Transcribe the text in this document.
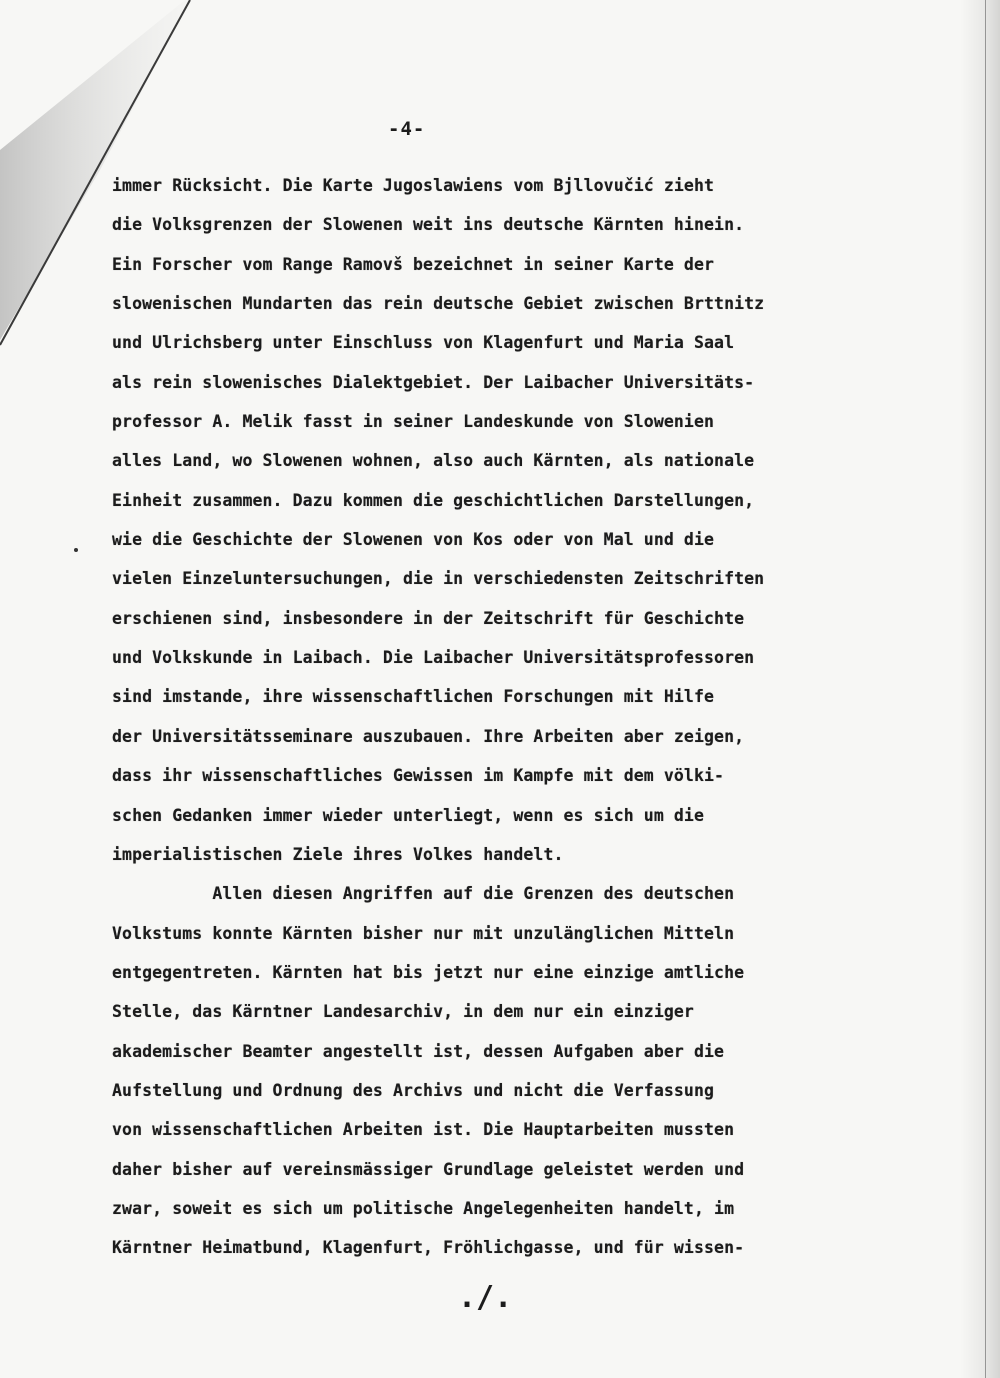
-4-
immer Rücksicht. Die Karte Jugoslawiens vom Bjllovučić zieht
die Volksgrenzen der Slowenen weit ins deutsche Kärnten hinein.
Ein Forscher vom Range Ramovš bezeichnet in seiner Karte der
slowenischen Mundarten das rein deutsche Gebiet zwischen Brttnitz
und Ulrichsberg unter Einschluss von Klagenfurt und Maria Saal
als rein slowenisches Dialektgebiet. Der Laibacher Universitäts-
professor A. Melik fasst in seiner Landeskunde von Slowenien
alles Land, wo Slowenen wohnen, also auch Kärnten, als nationale
Einheit zusammen. Dazu kommen die geschichtlichen Darstellungen,
wie die Geschichte der Slowenen von Kos oder von Mal und die
vielen Einzeluntersuchungen, die in verschiedensten Zeitschriften
erschienen sind, insbesondere in der Zeitschrift für Geschichte
und Volkskunde in Laibach. Die Laibacher Universitätsprofessoren
sind imstande, ihre wissenschaftlichen Forschungen mit Hilfe
der Universitätsseminare auszubauen. Ihre Arbeiten aber zeigen,
dass ihr wissenschaftliches Gewissen im Kampfe mit dem völki-
schen Gedanken immer wieder unterliegt, wenn es sich um die
imperialistischen Ziele ihres Volkes handelt.
Allen diesen Angriffen auf die Grenzen des deutschen
Volkstums konnte Kärnten bisher nur mit unzulänglichen Mitteln
entgegentreten. Kärnten hat bis jetzt nur eine einzige amtliche
Stelle, das Kärntner Landesarchiv, in dem nur ein einziger
akademischer Beamter angestellt ist, dessen Aufgaben aber die
Aufstellung und Ordnung des Archivs und nicht die Verfassung
von wissenschaftlichen Arbeiten ist. Die Hauptarbeiten mussten
daher bisher auf vereinsmässiger Grundlage geleistet werden und
zwar, soweit es sich um politische Angelegenheiten handelt, im
Kärntner Heimatbund, Klagenfurt, Fröhlichgasse, und für wissen-
./.
